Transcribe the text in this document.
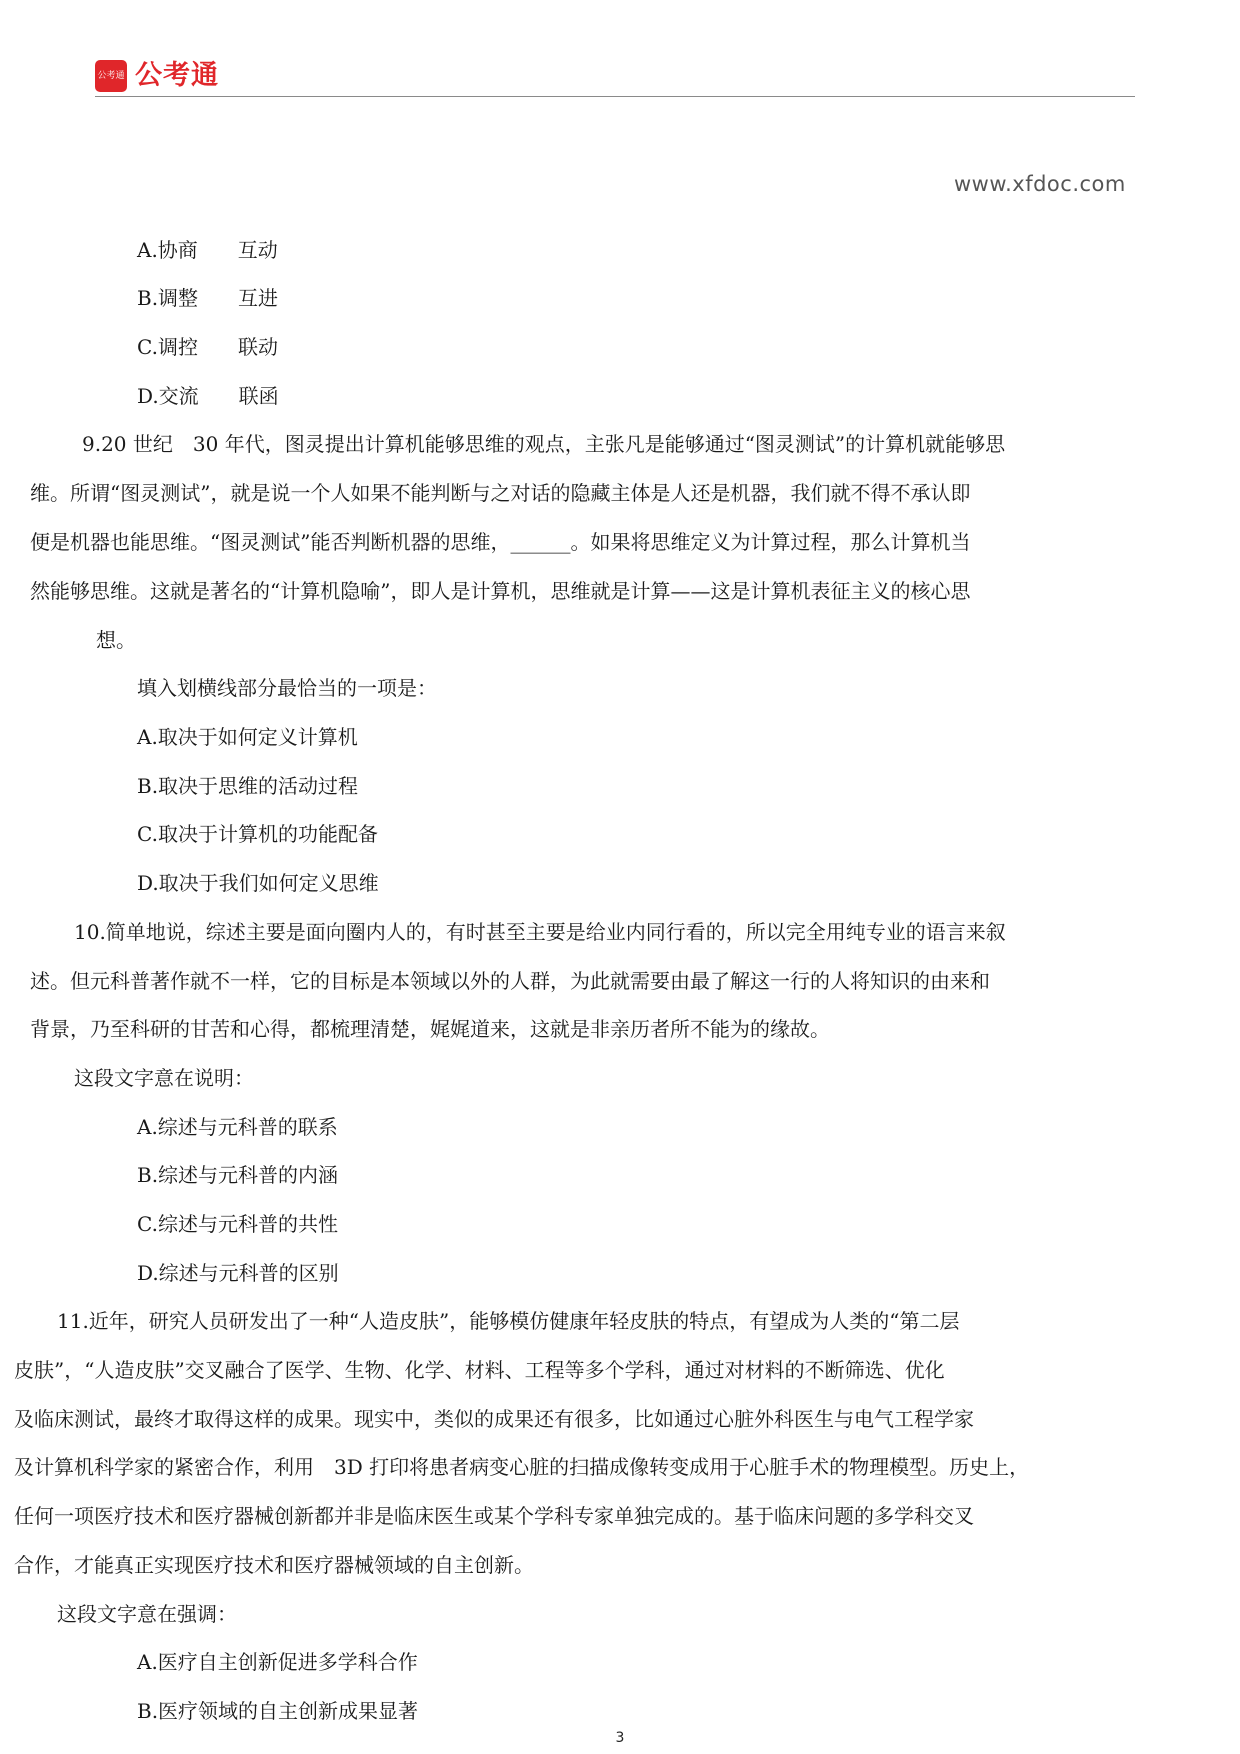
公考通 公考通
www.xfdoc.com
A.协商　　互动
B.调整　　互进
C.调控　　联动
D.交流　　联函
9.20 世纪　30 年代，图灵提出计算机能够思维的观点，主张凡是能够通过“图灵测试”的计算机就能够思
维。所谓“图灵测试”，就是说一个人如果不能判断与之对话的隐藏主体是人还是机器，我们就不得不承认即
便是机器也能思维。“图灵测试”能否判断机器的思维，______。如果将思维定义为计算过程，那么计算机当
然能够思维。这就是著名的“计算机隐喻”，即人是计算机，思维就是计算——这是计算机表征主义的核心思
想。
填入划横线部分最恰当的一项是：
A.取决于如何定义计算机
B.取决于思维的活动过程
C.取决于计算机的功能配备
D.取决于我们如何定义思维
10.简单地说，综述主要是面向圈内人的，有时甚至主要是给业内同行看的，所以完全用纯专业的语言来叙
述。但元科普著作就不一样，它的目标是本领域以外的人群，为此就需要由最了解这一行的人将知识的由来和
背景，乃至科研的甘苦和心得，都梳理清楚，娓娓道来，这就是非亲历者所不能为的缘故。
这段文字意在说明：
A.综述与元科普的联系
B.综述与元科普的内涵
C.综述与元科普的共性
D.综述与元科普的区别
11.近年，研究人员研发出了一种“人造皮肤”，能够模仿健康年轻皮肤的特点，有望成为人类的“第二层
皮肤”，“人造皮肤”交叉融合了医学、生物、化学、材料、工程等多个学科，通过对材料的不断筛选、优化
及临床测试，最终才取得这样的成果。现实中，类似的成果还有很多，比如通过心脏外科医生与电气工程学家
及计算机科学家的紧密合作，利用　3D 打印将患者病变心脏的扫描成像转变成用于心脏手术的物理模型。历史上，
任何一项医疗技术和医疗器械创新都并非是临床医生或某个学科专家单独完成的。基于临床问题的多学科交叉
合作，才能真正实现医疗技术和医疗器械领域的自主创新。
这段文字意在强调：
A.医疗自主创新促进多学科合作
B.医疗领域的自主创新成果显著
3
